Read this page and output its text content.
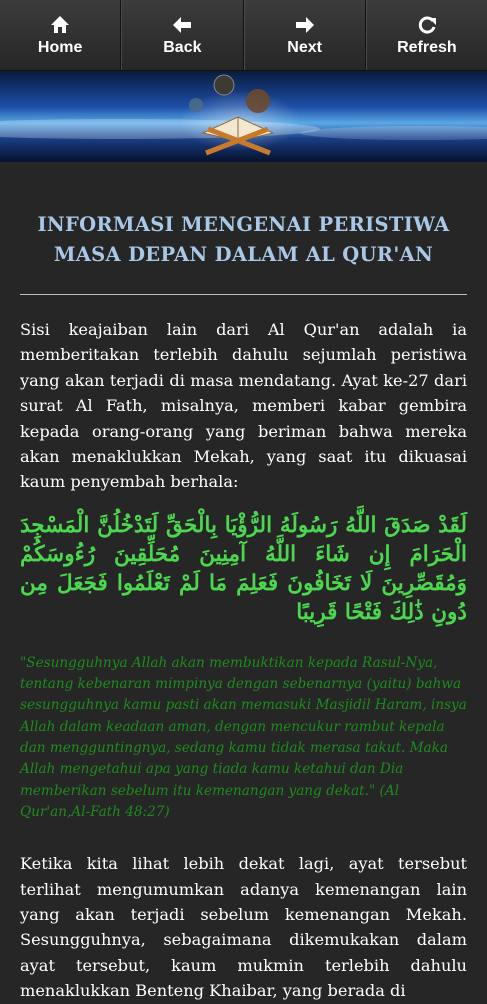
Home	Back	Next	Refresh
INFORMASI MENGENAI PERISTIWA MASA DEPAN DALAM AL QUR'AN

Sisi keajaiban lain dari Al Qur'an adalah ia memberitakan terlebih dahulu sejumlah peristiwa yang akan terjadi di masa mendatang. Ayat ke-27 dari surat Al Fath, misalnya, memberi kabar gembira kepada orang-orang yang beriman bahwa mereka akan menaklukkan Mekah, yang saat itu dikuasai kaum penyembah berhala:

لَقَدْ صَدَقَ اللَّهُ رَسُولَهُ الرُّؤْيَا بِالْحَقِّ لَتَدْخُلُنَّ الْمَسْجِدَ الْحَرَامَ إِن شَاءَ اللَّهُ آمِنِينَ مُحَلِّقِينَ رُءُوسَكُمْ وَمُقَصِّرِينَ لَا تَخَافُونَ فَعَلِمَ مَا لَمْ تَعْلَمُوا فَجَعَلَ مِن دُونِ ذَٰلِكَ فَتْحًا قَرِيبًا

"Sesungguhnya Allah akan membuktikan kepada Rasul-Nya, tentang kebenaran mimpinya dengan sebenarnya (yaitu) bahwa sesungguhnya kamu pasti akan memasuki Masjidil Haram, insya Allah dalam keadaan aman, dengan mencukur rambut kepala dan mengguntingnya, sedang kamu tidak merasa takut. Maka Allah mengetahui apa yang tiada kamu ketahui dan Dia memberikan sebelum itu kemenangan yang dekat." (Al Qur'an,Al-Fath 48:27)

Ketika kita lihat lebih dekat lagi, ayat tersebut terlihat mengumumkan adanya kemenangan lain yang akan terjadi sebelum kemenangan Mekah. Sesungguhnya, sebagaimana dikemukakan dalam ayat tersebut, kaum mukmin terlebih dahulu menaklukkan Benteng Khaibar, yang berada di
